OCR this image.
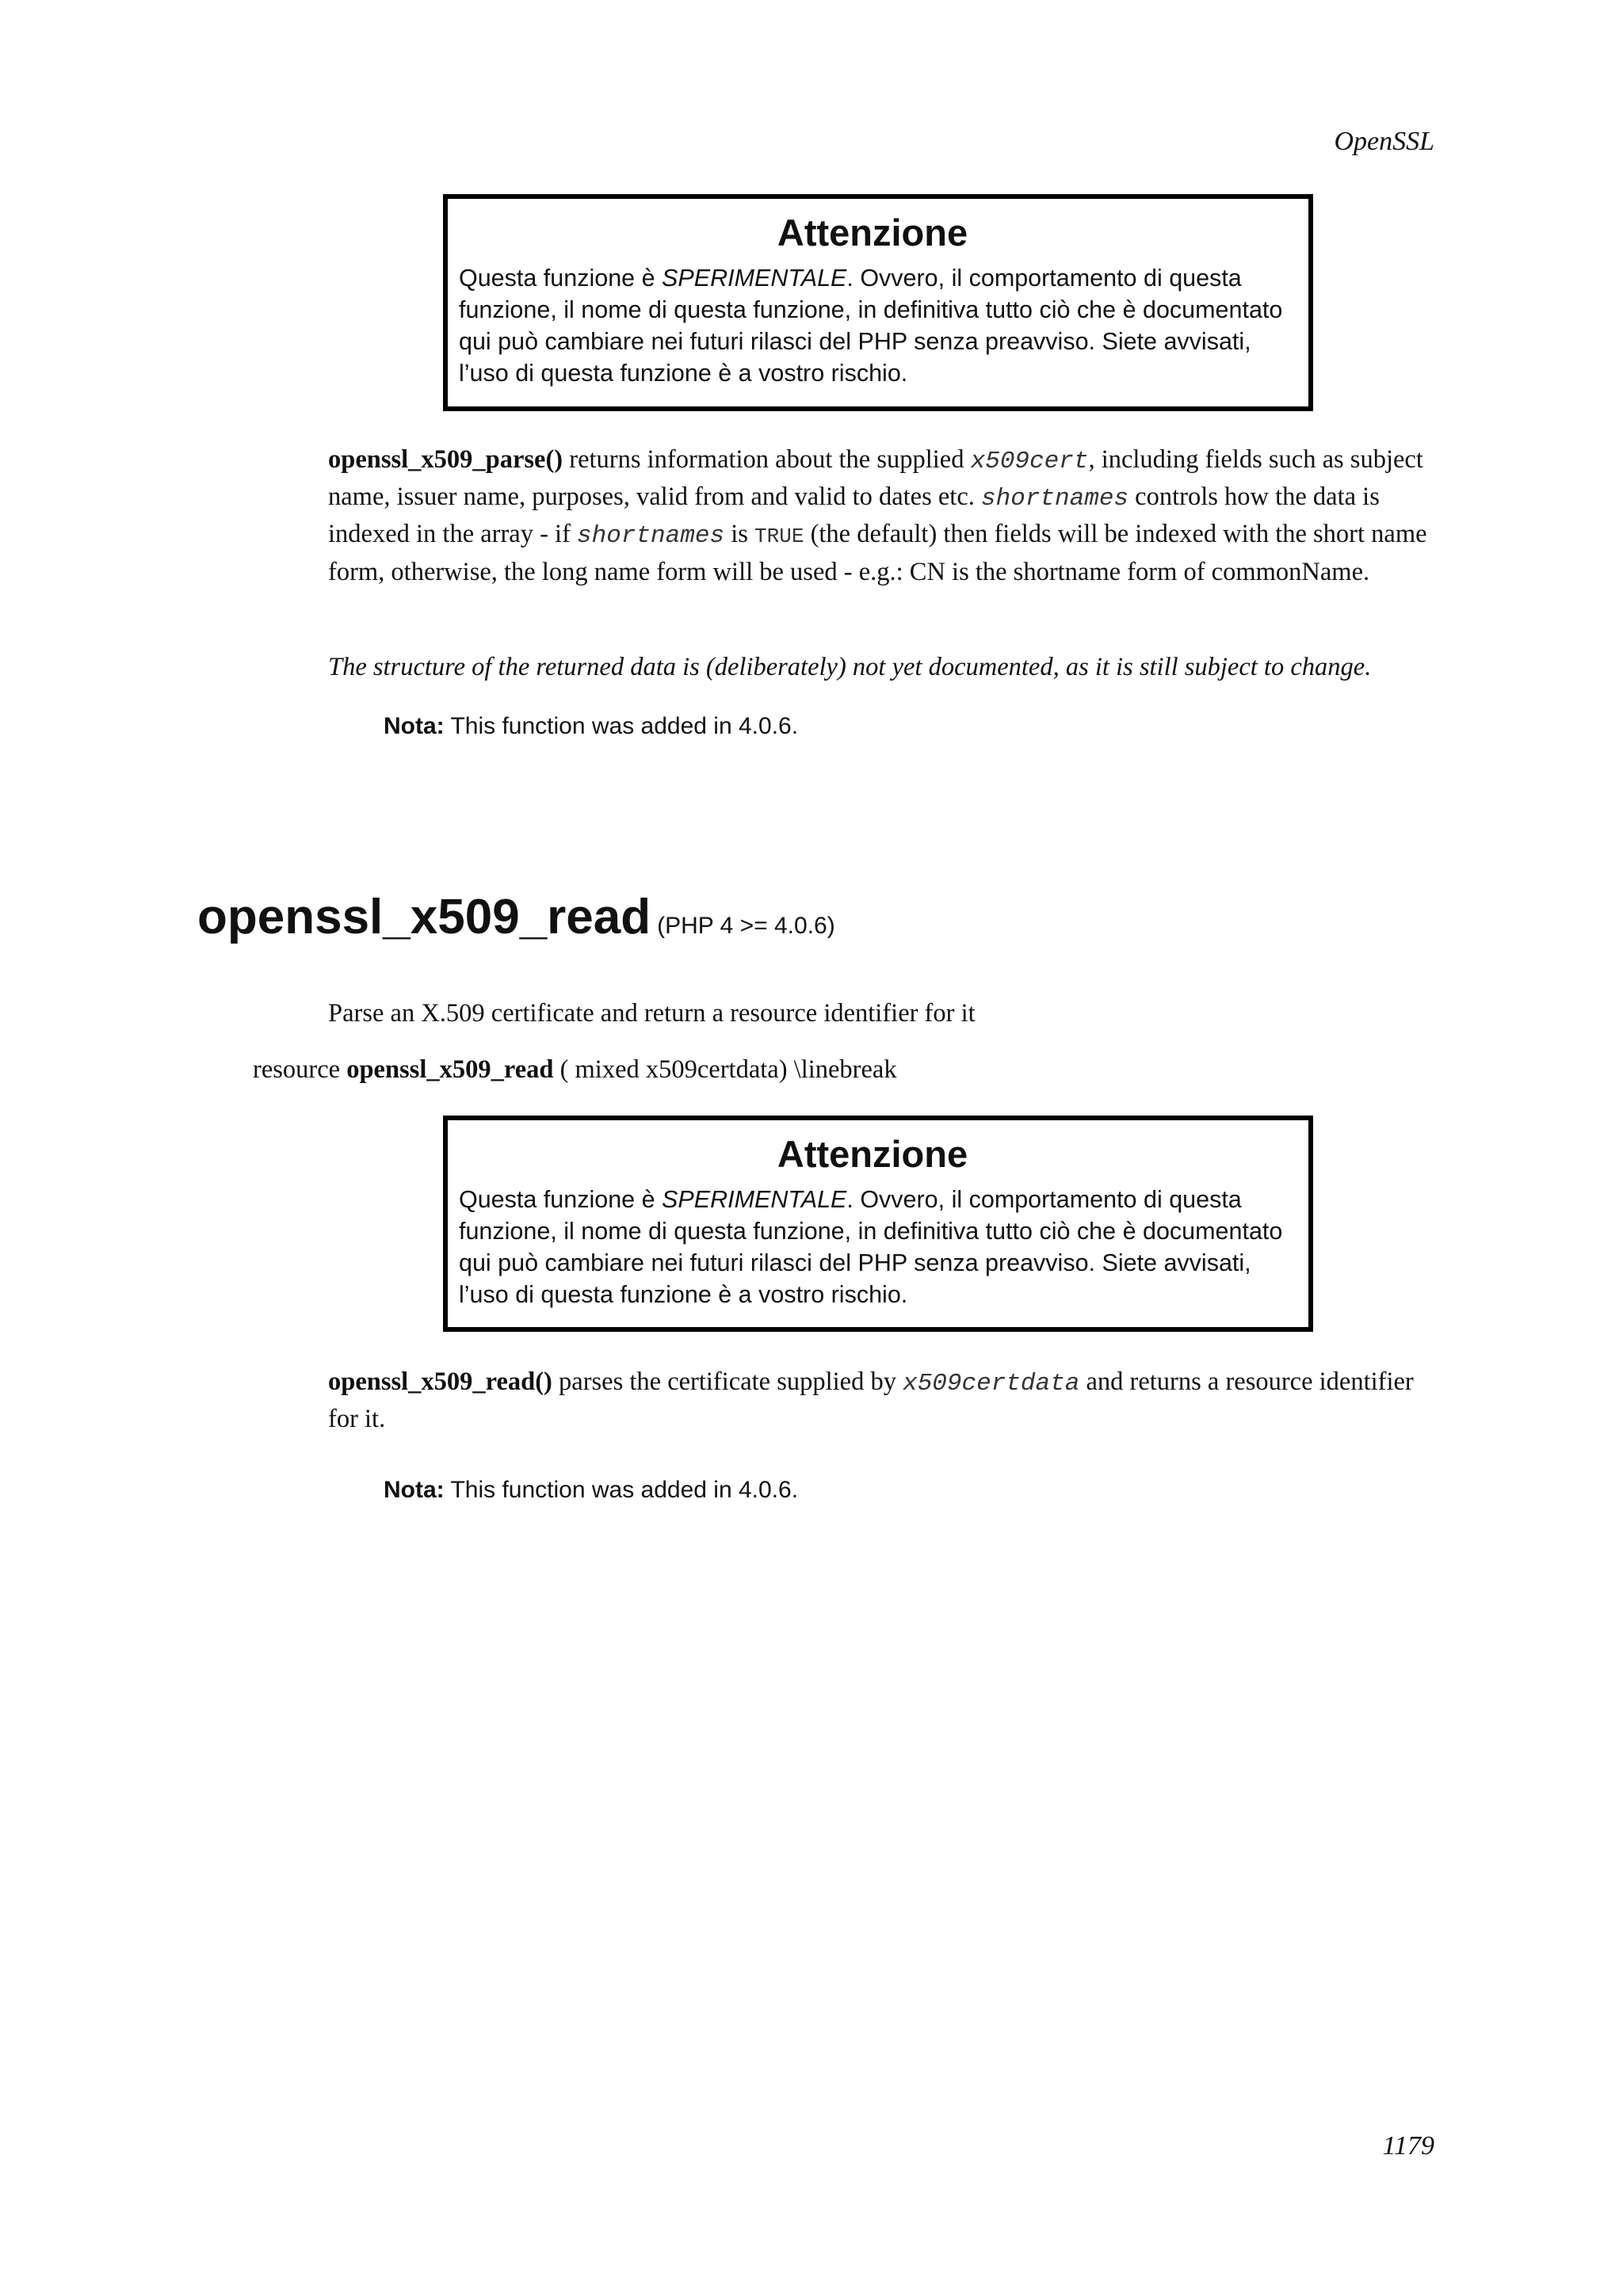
OpenSSL
Attenzione
Questa funzione è SPERIMENTALE. Ovvero, il comportamento di questa funzione, il nome di questa funzione, in definitiva tutto ciò che è documentato qui può cambiare nei futuri rilasci del PHP senza preavviso. Siete avvisati, l’uso di questa funzione è a vostro rischio.
openssl_x509_parse() returns information about the supplied x509cert, including fields such as subject name, issuer name, purposes, valid from and valid to dates etc. shortnames controls how the data is indexed in the array - if shortnames is TRUE (the default) then fields will be indexed with the short name form, otherwise, the long name form will be used - e.g.: CN is the shortname form of commonName.
The structure of the returned data is (deliberately) not yet documented, as it is still subject to change.
Nota: This function was added in 4.0.6.
openssl_x509_read (PHP 4 >= 4.0.6)
Parse an X.509 certificate and return a resource identifier for it
resource openssl_x509_read ( mixed x509certdata) \linebreak
Attenzione
Questa funzione è SPERIMENTALE. Ovvero, il comportamento di questa funzione, il nome di questa funzione, in definitiva tutto ciò che è documentato qui può cambiare nei futuri rilasci del PHP senza preavviso. Siete avvisati, l’uso di questa funzione è a vostro rischio.
openssl_x509_read() parses the certificate supplied by x509certdata and returns a resource identifier for it.
Nota: This function was added in 4.0.6.
1179
